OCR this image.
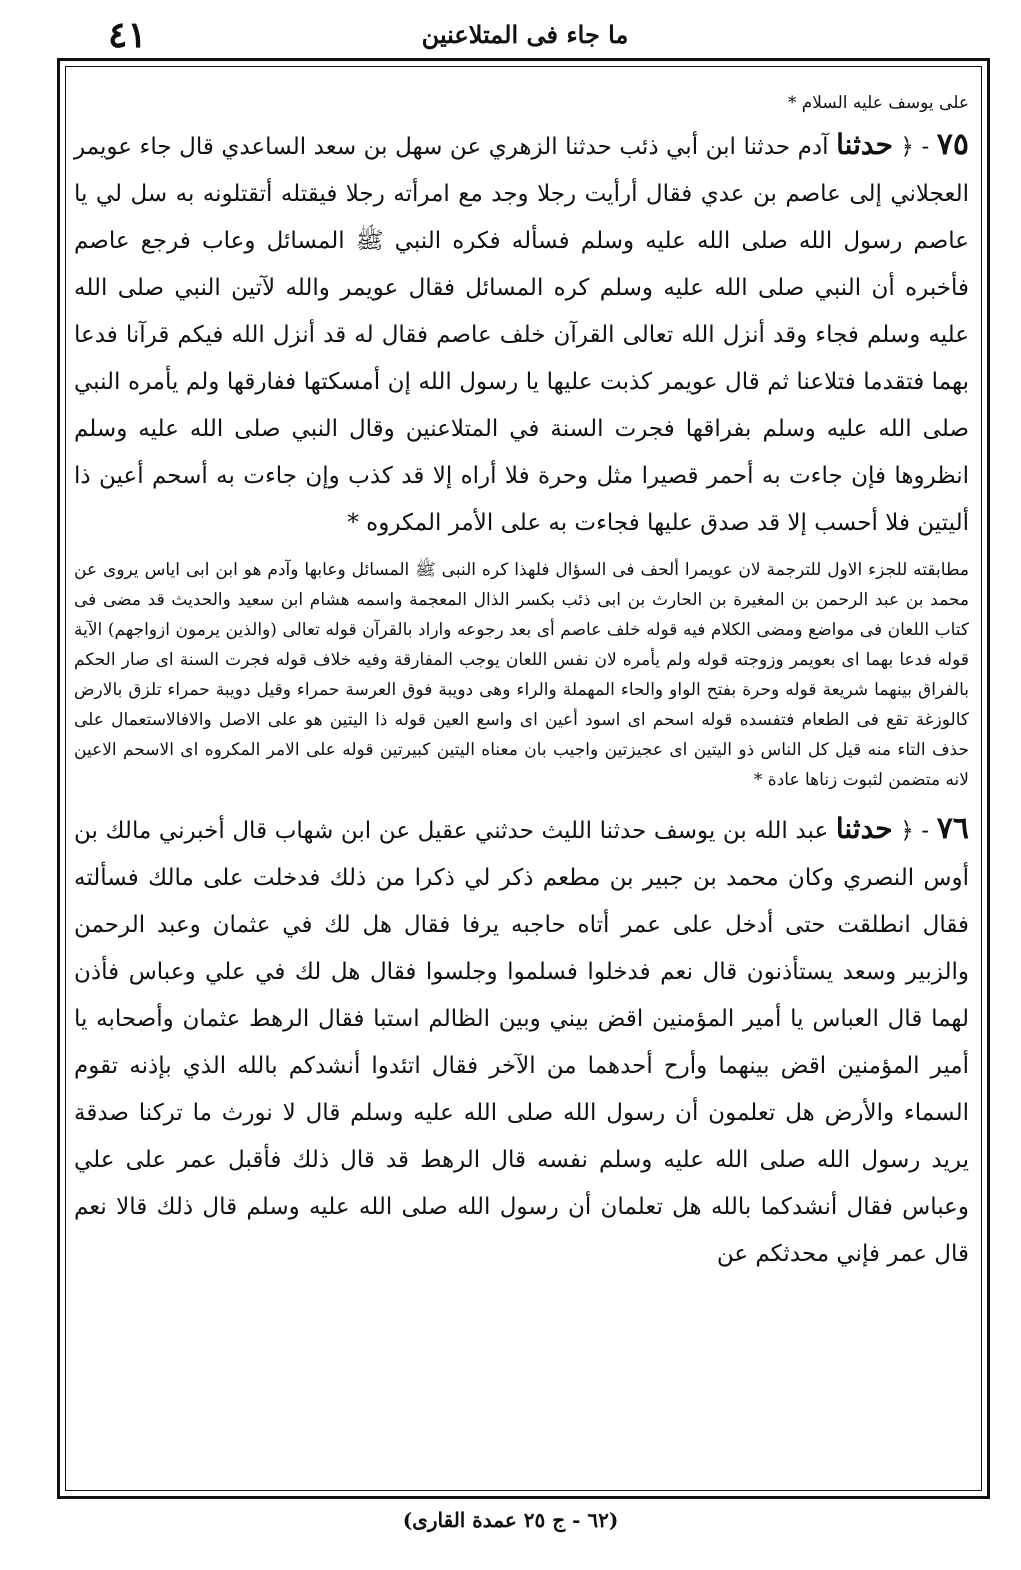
٤١	ما جاء فى المتلاعنين

على يوسف عليه السلام *

٧٥ - ﴿ حدثنا آدم حدثنا ابن أبي ذئب حدثنا الزهري عن سهل بن سعد الساعدي قال جاء عويمر العجلاني إلى عاصم بن عدي فقال أرأيت رجلا وجد مع امرأته رجلا فيقتله أتقتلونه به سل لي يا عاصم رسول الله صلى الله عليه وسلم فسأله فكره النبي ﷺ المسائل وعاب فرجع عاصم فأخبره أن النبي صلى الله عليه وسلم كره المسائل فقال عويمر والله لآتين النبي صلى الله عليه وسلم فجاء وقد أنزل الله تعالى القرآن خلف عاصم فقال له قد أنزل الله فيكم قرآنا فدعا بهما فتقدما فتلاعنا ثم قال عويمر كذبت عليها يا رسول الله إن أمسكتها ففارقها ولم يأمره النبي صلى الله عليه وسلم بفراقها فجرت السنة في المتلاعنين وقال النبي صلى الله عليه وسلم انظروها فإن جاءت به أحمر قصيرا مثل وحرة فلا أراه إلا قد كذب وإن جاءت به أسحم أعين ذا أليتين فلا أحسب إلا قد صدق عليها فجاءت به على الأمر المكروه *

مطابقته للجزء الاول للترجمة لان عويمرا ألحف فى السؤال فلهذا كره النبى ﷺ المسائل وعابها وآدم هو ابن ابى اياس يروى عن محمد بن عبد الرحمن بن المغيرة بن الحارث بن ابى ذئب بكسر الذال المعجمة واسمه هشام ابن سعيد والحديث قد مضى فى كتاب اللعان فى مواضع ومضى الكلام فيه قوله خلف عاصم أى بعد رجوعه واراد بالقرآن قوله تعالى (والذين يرمون ازواجهم) الآية قوله فدعا بهما اى بعويمر وزوجته قوله ولم يأمره لان نفس اللعان يوجب المفارقة وفيه خلاف قوله فجرت السنة اى صار الحكم بالفراق بينهما شريعة قوله وحرة بفتح الواو والحاء المهملة والراء وهى دويبة فوق العرسة حمراء وقيل دويبة حمراء تلزق بالارض كالوزغة تقع فى الطعام فتفسده قوله اسحم اى اسود أعين اى واسع العين قوله ذا اليتين هو على الاصل والافالاستعمال على حذف التاء منه قيل كل الناس ذو اليتين اى عجيزتين واجيب بان معناه اليتين كبيرتين قوله على الامر المكروه اى الاسحم الاعين لانه متضمن لثبوت زناها عادة *

٧٦ - ﴿ حدثنا عبد الله بن يوسف حدثنا الليث حدثني عقيل عن ابن شهاب قال أخبرني مالك بن أوس النصري وكان محمد بن جبير بن مطعم ذكر لي ذكرا من ذلك فدخلت على مالك فسألته فقال انطلقت حتى أدخل على عمر أتاه حاجبه يرفا فقال هل لك في عثمان وعبد الرحمن والزبير وسعد يستأذنون قال نعم فدخلوا فسلموا وجلسوا فقال هل لك في علي وعباس فأذن لهما قال العباس يا أمير المؤمنين اقض بيني وبين الظالم استبا فقال الرهط عثمان وأصحابه يا أمير المؤمنين اقض بينهما وأرح أحدهما من الآخر فقال اتئدوا أنشدكم بالله الذي بإذنه تقوم السماء والأرض هل تعلمون أن رسول الله صلى الله عليه وسلم قال لا نورث ما تركنا صدقة يريد رسول الله صلى الله عليه وسلم نفسه قال الرهط قد قال ذلك فأقبل عمر على علي وعباس فقال أنشدكما بالله هل تعلمان أن رسول الله صلى الله عليه وسلم قال ذلك قالا نعم قال عمر فإني محدثكم عن

(٦٢ - ج ٢٥ عمدة القارى)
